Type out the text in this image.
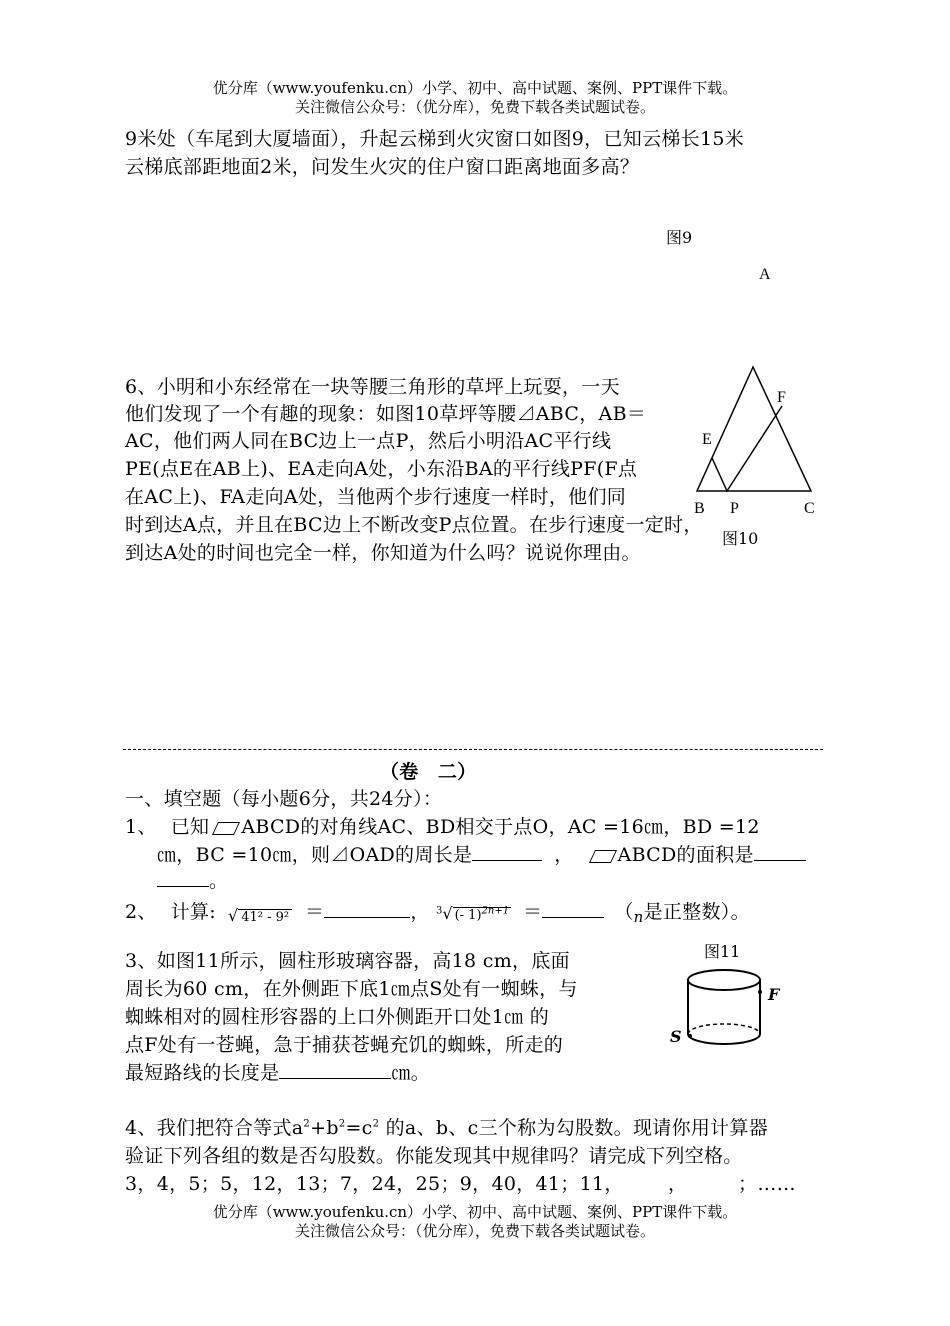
优分库（www.youfenku.cn）小学、初中、高中试题、案例、PPT课件下载。
关注微信公众号：（优分库），免费下载各类试题试卷。
9米处（车尾到大厦墙面），升起云梯到火灾窗口如图9，已知云梯长15米
云梯底部距地面2米，问发生火灾的住户窗口距离地面多高？
图9
6、小明和小东经常在一块等腰三角形的草坪上玩耍，一天
他们发现了一个有趣的现象：如图10草坪等腰⊿ABC，AB＝
AC，他们两人同在BC边上一点P，然后小明沿AC平行线
PE(点E在AB上)、EA走向A处，小东沿BA的平行线PF(F点
在AC上)、FA走向A处，当他两个步行速度一样时，他们同
时到达A点，并且在BC边上不断改变P点位置。在步行速度一定时，
到达A处的时间也完全一样，你知道为什么吗？说说你理由。
A
F
E
B P	C
图10
（卷　二）
一、填空题（每小题6分，共24分）：
1、 已知 ABCD的对角线AC、BD相交于点O，AC =16㎝，BD =12
㎝，BC =10㎝，则⊿OAD的周长是	， ABCD的面积是
。
2、 计算: √ 41² - 9² ＝	， $^3$√ (- 1)$^{2n+1}$ ＝	（$_n$是正整数）。
3、如图11所示，圆柱形玻璃容器，高18 cm，底面
周长为60 cm，在外侧距下底1㎝点S处有一蜘蛛，与
蜘蛛相对的圆柱形容器的上口外侧距开口处1㎝ 的
点F处有一苍蝇，急于捕获苍蝇充饥的蜘蛛，所走的
最短路线的长度是	㎝。
图11
F
S
4、我们把符合等式$a^2+b^2=c^2$ 的a、b、c三个称为勾股数。现请你用计算器
验证下列各组的数是否勾股数。你能发现其中规律吗？请完成下列空格。
3，4，5；5，12，13；7，24，25；9，40，41；11，       ，        ；……
优分库（www.youfenku.cn）小学、初中、高中试题、案例、PPT课件下载。
关注微信公众号：（优分库），免费下载各类试题试卷。
